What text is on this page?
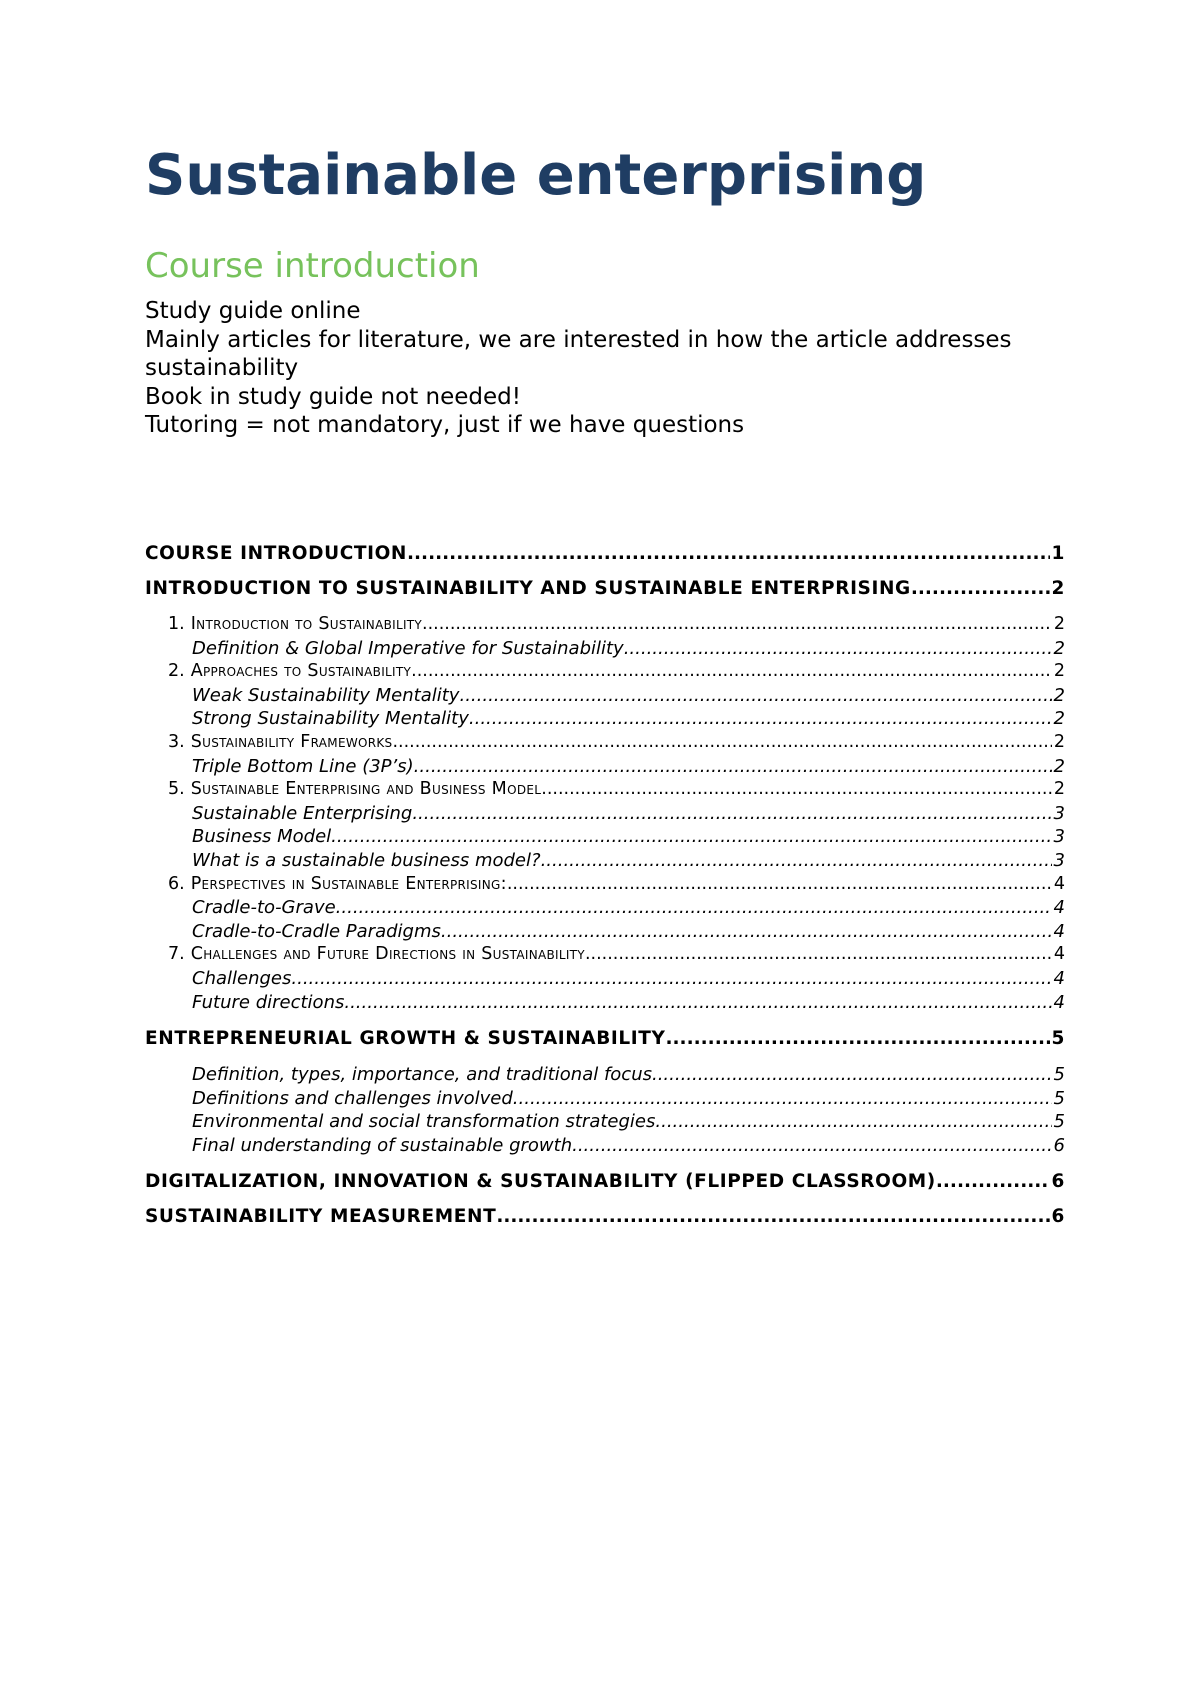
Sustainable enterprising
Course introduction
Study guide online
Mainly articles for literature, we are interested in how the article addresses sustainability
Book in study guide not needed!
Tutoring = not mandatory, just if we have questions
COURSE INTRODUCTION .....	1
INTRODUCTION TO SUSTAINABILITY AND SUSTAINABLE ENTERPRISING .....	2
1. Introduction to Sustainability .....	2
Definition & Global Imperative for Sustainability .....	2
2. Approaches to Sustainability .....	2
Weak Sustainability Mentality .....	2
Strong Sustainability Mentality .....	2
3. Sustainability Frameworks .....	2
Triple Bottom Line (3P’s) .....	2
5. Sustainable Enterprising and Business Model .....	2
Sustainable Enterprising .....	3
Business Model .....	3
What is a sustainable business model? .....	3
6. Perspectives in Sustainable Enterprising: .....	4
Cradle-to-Grave .....	4
Cradle-to-Cradle Paradigms .....	4
7. Challenges and Future Directions in Sustainability .....	4
Challenges .....	4
Future directions .....	4
ENTREPRENEURIAL GROWTH & SUSTAINABILITY .....	5
Definition, types, importance, and traditional focus .....	5
Definitions and challenges involved .....	5
Environmental and social transformation strategies .....	5
Final understanding of sustainable growth .....	6
DIGITALIZATION, INNOVATION & SUSTAINABILITY (FLIPPED CLASSROOM) .....	6
SUSTAINABILITY MEASUREMENT .....	6
